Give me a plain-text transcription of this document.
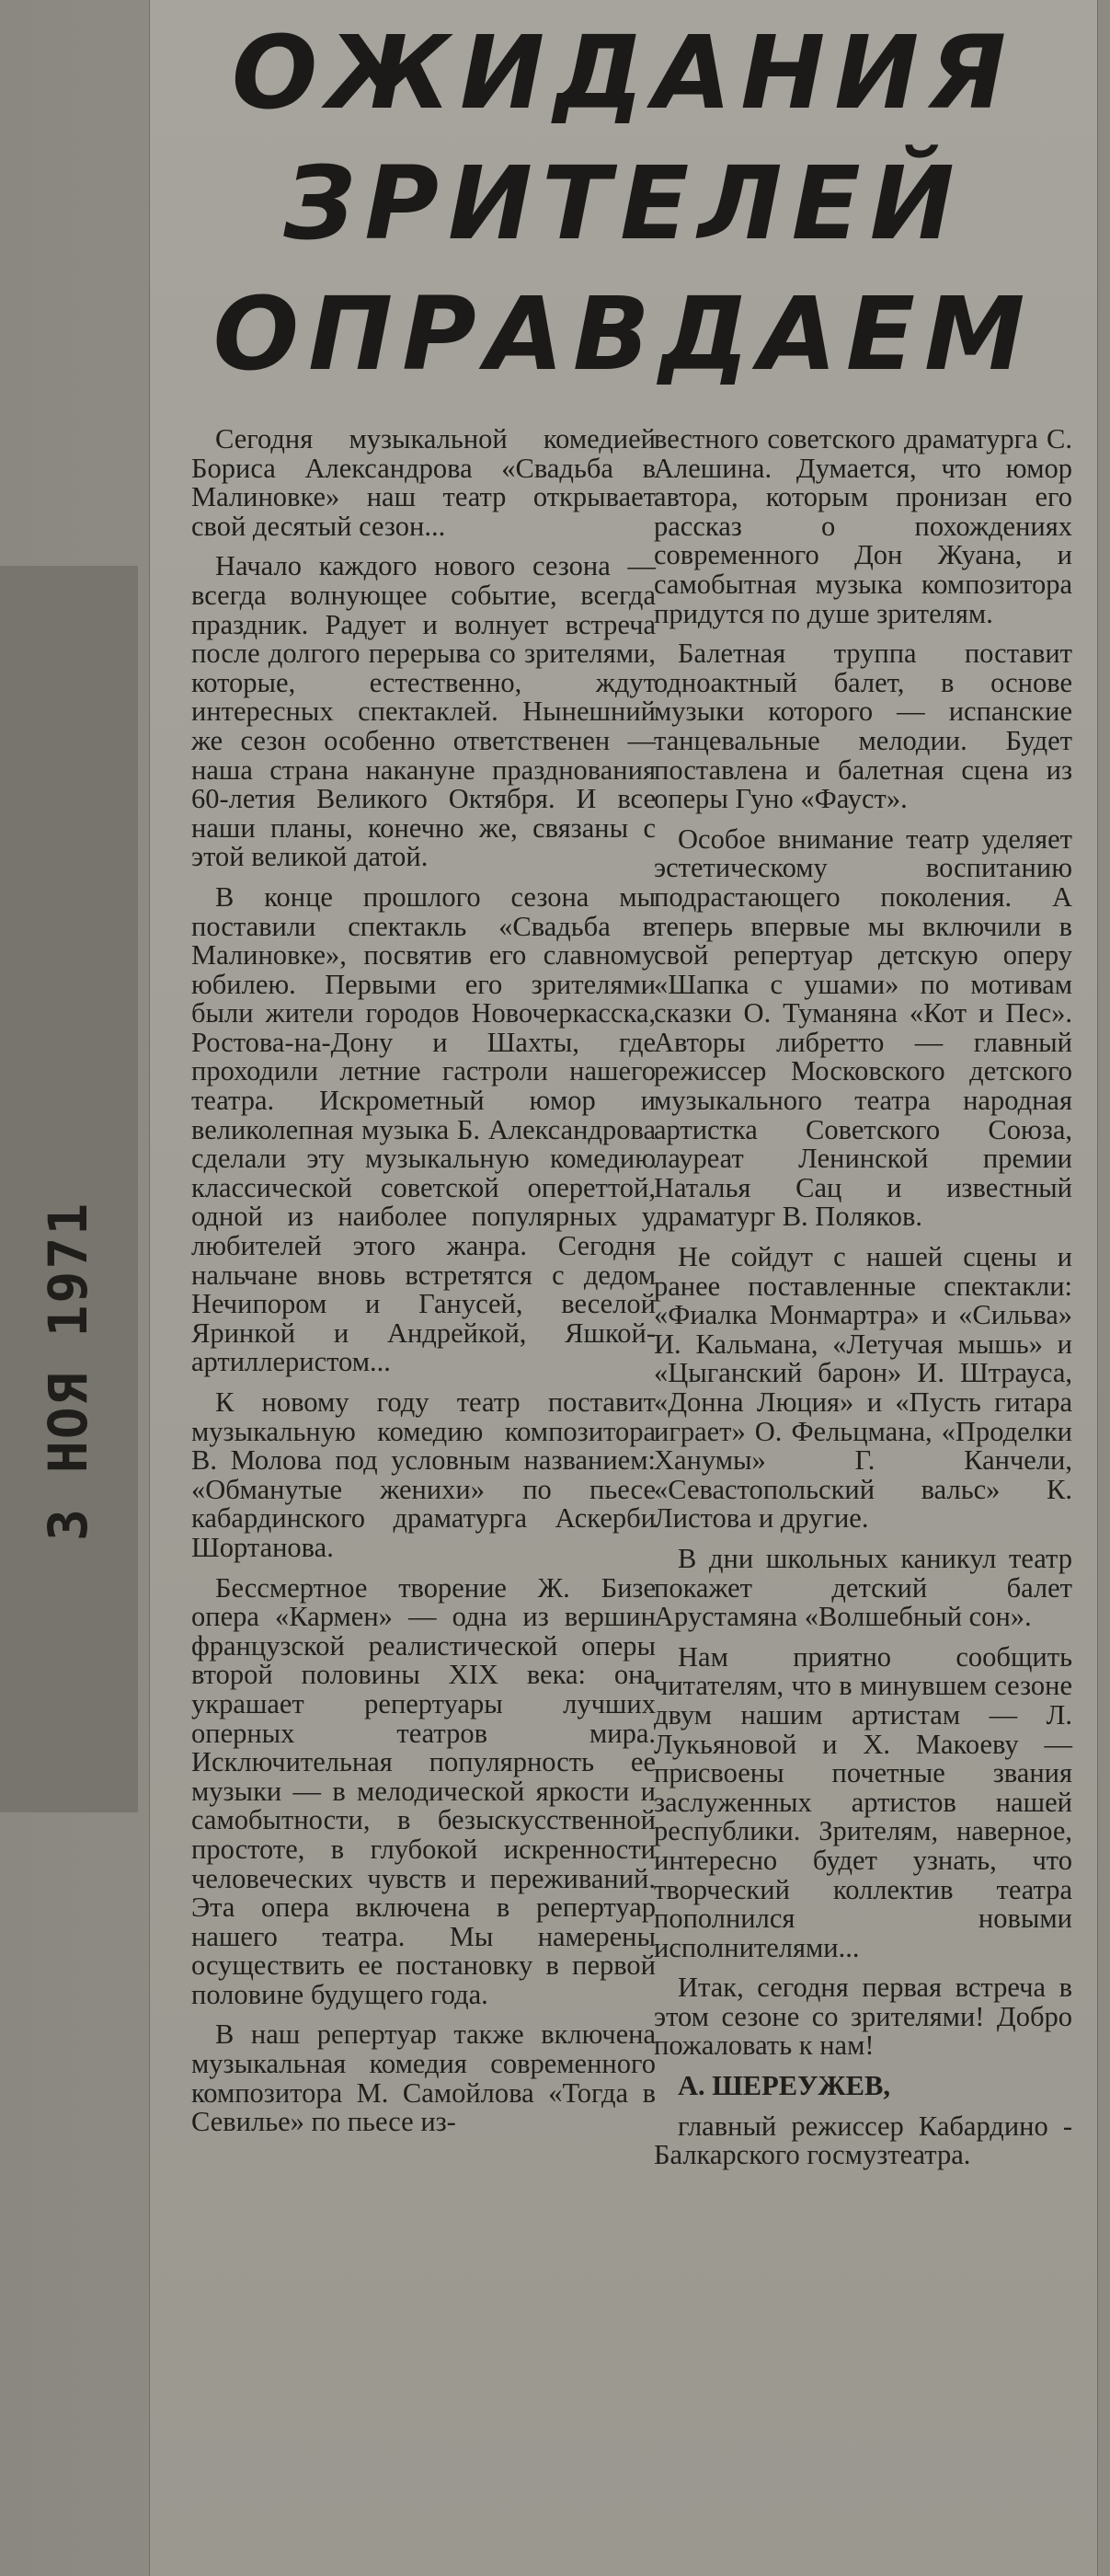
3 НОЯ 1971
ОЖИДАНИЯ
ЗРИТЕЛЕЙ
ОПРАВДАЕМ

Сегодня музыкальной комедией Бориса Александрова «Свадьба в Малиновке» наш театр открывает свой десятый сезон...

Начало каждого нового сезона — всегда волнующее событие, всегда праздник. Радует и волнует встреча после долгого перерыва со зрителями, которые, естественно, ждут интересных спектаклей. Нынешний же сезон особенно ответственен — наша страна накануне празднования 60-летия Великого Октября. И все наши планы, конечно же, связаны с этой великой датой.

В конце прошлого сезона мы поставили спектакль «Свадьба в Малиновке», посвятив его славному юбилею. Первыми его зрителями были жители городов Новочеркасска, Ростова-на-Дону и Шахты, где проходили летние гастроли нашего театра. Искрометный юмор и великолепная музыка Б. Александрова сделали эту музыкальную комедию классической советской опереттой, одной из наиболее популярных у любителей этого жанра. Сегодня нальчане вновь встретятся с дедом Нечипором и Ганусей, веселой Яринкой и Андрейкой, Яшкой-артиллеристом...

К новому году театр поставит музыкальную комедию композитора В. Молова под условным названием: «Обманутые женихи» по пьесе кабардинского драматурга Аскерби Шортанова.

Бессмертное творение Ж. Бизе опера «Кармен» — одна из вершин французской реалистической оперы второй половины XIX века: она украшает репертуары лучших оперных театров мира. Исключительная популярность ее музыки — в мелодической яркости и самобытности, в безыскусственной простоте, в глубокой искренности человеческих чувств и переживаний. Эта опера включена в репертуар нашего театра. Мы намерены осуществить ее постановку в первой половине будущего года.

В наш репертуар также включена музыкальная комедия современного композитора М. Самойлова «Тогда в Севилье» по пьесе из-

вестного советского драматурга С. Алешина. Думается, что юмор автора, которым пронизан его рассказ о похождениях современного Дон Жуана, и самобытная музыка композитора придутся по душе зрителям.

Балетная труппа поставит одноактный балет, в основе музыки которого — испанские танцевальные мелодии. Будет поставлена и балетная сцена из оперы Гуно «Фауст».

Особое внимание театр уделяет эстетическому воспитанию подрастающего поколения. А теперь впервые мы включили в свой репертуар детскую оперу «Шапка с ушами» по мотивам сказки О. Туманяна «Кот и Пес». Авторы либретто — главный режиссер Московского детского музыкального театра народная артистка Советского Союза, лауреат Ленинской премии Наталья Сац и известный драматург В. Поляков.

Не сойдут с нашей сцены и ранее поставленные спектакли: «Фиалка Монмартра» и «Сильва» И. Кальмана, «Летучая мышь» и «Цыганский барон» И. Штрауса, «Донна Люция» и «Пусть гитара играет» О. Фельцмана, «Проделки Ханумы» Г. Канчели, «Севастопольский вальс» К. Листова и другие.

В дни школьных каникул театр покажет детский балет Арустамяна «Волшебный сон».

Нам приятно сообщить читателям, что в минувшем сезоне двум нашим артистам — Л. Лукьяновой и Х. Макоеву — присвоены почетные звания заслуженных артистов нашей республики. Зрителям, наверное, интересно будет узнать, что творческий коллектив театра пополнился новыми исполнителями...

Итак, сегодня первая встреча в этом сезоне со зрителями! Добро пожаловать к нам!

А. ШЕРЕУЖЕВ,

главный режиссер Кабардино - Балкарского госмузтеатра.
